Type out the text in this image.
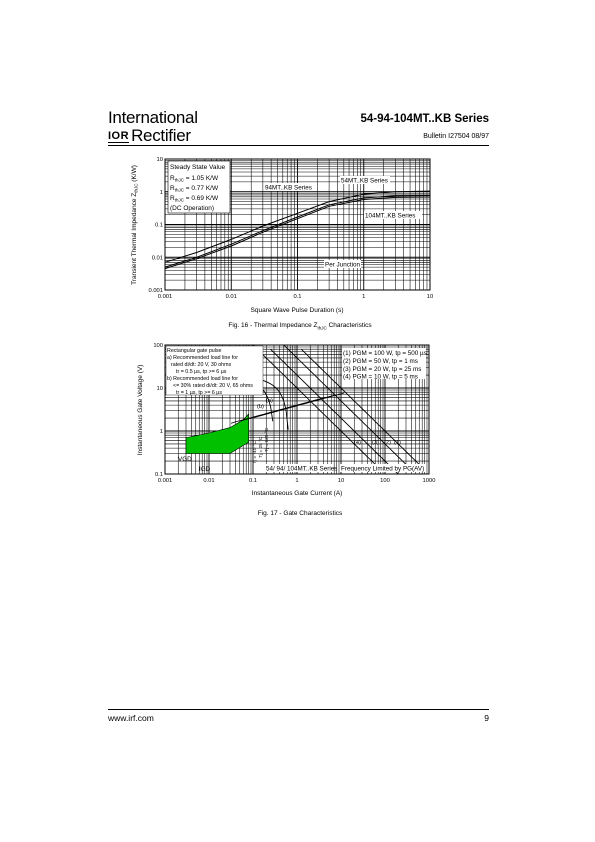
International
IOR Rectifier
54-94-104MT..KB Series
Bulletin I27504 08/97
0.001	0.01	0.1	1	10
0.001
0.01
0.1
1
10
Square Wave Pulse Duration (s)
Transient Thermal Impedance $Z_{thJC}$ (K/W)	Steady State Value
$R_{thJC} = 1.05$ K/W
$R_{thJC} = 0.77$ K/W
$R_{thJC} = 0.69$ K/W
(DC Operation)
54MT..KB Series
94MT..KB Series
104MT..KB Series
Per Junction
Fig. 16 - Thermal Impedance $Z_{thJC}$ Characteristics
0.001	0.01	0.1	1	10	100	1000
0.1
1
10
100
Instantaneous Gate Current (A)
Instantaneous Gate Voltage (V)
Rectangular gate pulse
a) Recommended load line for
rated di/dt: 20 V, 30 ohms
tr = 0.5 µs, tp >= 6 µs
b) Recommended load line for
<= 30% rated di/dt: 20 V, 65 ohms
tr = 1 µs, tp >= 6 µs
(1) PGM = 100 W, tp = 500 µs
(2) PGM = 50 W, tp = 1 ms
(3) PGM = 20 W, tp = 25 ms
(4) PGM = 10 W, tp = 5 ms
VGD
IGD
(a)
(b)
Tj = -40 °C Tj = 25 °C Tj = 125 °C	(1)
(2)
(3)
(4)
54/ 94/ 104MT..KB Series Frequency Limited by PG(AV)
Fig. 17 - Gate Characteristics
www.irf.com	9
